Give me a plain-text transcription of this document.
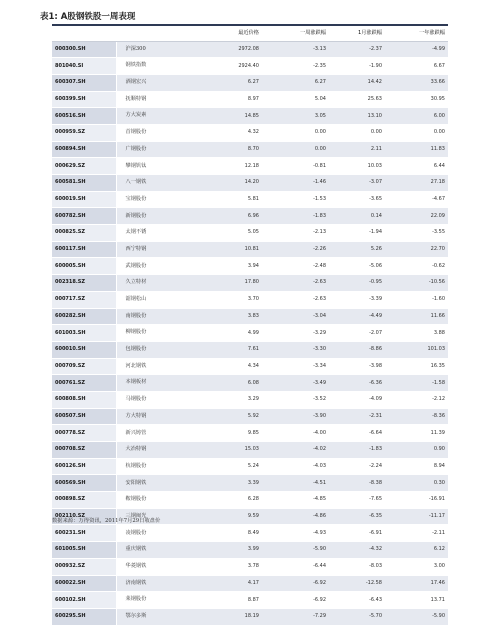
表1: A股钢铁股一周表现
		最近价格	一周涨跌幅	1月涨跌幅	一年涨跌幅
000300.SH	沪深300	2972.08	-3.13	-2.37	-4.99
801040.SI	钢铁指数	2924.40	-2.35	-1.90	6.67
600307.SH	酒钢宏兴	6.27	6.27	14.42	33.66
600399.SH	抚顺特钢	8.97	5.04	25.63	30.95
600516.SH	方大炭素	14.85	3.05	13.10	6.00
000959.SZ	首钢股份	4.32	0.00	0.00	0.00
600894.SH	广钢股份	8.70	0.00	2.11	11.83
000629.SZ	攀钢钒钛	12.18	-0.81	10.03	6.44
600581.SH	八一钢铁	14.20	-1.46	-3.07	27.18
600019.SH	宝钢股份	5.81	-1.53	-3.65	-4.67
600782.SH	新钢股份	6.96	-1.83	0.14	22.09
000825.SZ	太钢不锈	5.05	-2.13	-1.94	-3.55
600117.SH	西宁特钢	10.81	-2.26	5.26	22.70
600005.SH	武钢股份	3.94	-2.48	-5.06	-0.62
002318.SZ	久立特材	17.80	-2.63	-0.95	-10.56
000717.SZ	韶钢松山	3.70	-2.63	-3.39	-1.60
600282.SH	南钢股份	3.83	-3.04	-4.49	11.66
601003.SH	柳钢股份	4.99	-3.29	-2.07	3.88
600010.SH	包钢股份	7.61	-3.30	-8.86	101.03
000709.SZ	河北钢铁	4.34	-3.34	-3.98	16.35
000761.SZ	本钢板材	6.08	-3.49	-6.36	-1.58
600808.SH	马钢股份	3.29	-3.52	-4.09	-2.12
600507.SH	方大特钢	5.92	-3.90	-2.31	-8.36
000778.SZ	新兴铸管	9.85	-4.00	-6.64	11.39
000708.SZ	大冶特钢	15.03	-4.02	-1.83	0.90
600126.SH	杭钢股份	5.24	-4.03	-2.24	8.94
600569.SH	安阳钢铁	3.39	-4.51	-8.38	0.30
000898.SZ	鞍钢股份	6.28	-4.85	-7.65	-16.91
002110.SZ	三钢闽光	9.59	-4.86	-6.35	-11.17
600231.SH	凌钢股份	8.49	-4.93	-6.91	-2.11
601005.SH	重庆钢铁	3.99	-5.90	-4.32	6.12
000932.SZ	华菱钢铁	3.78	-6.44	-8.03	3.00
600022.SH	济南钢铁	4.17	-6.92	-12.58	17.46
600102.SH	莱钢股份	8.87	-6.92	-6.43	13.71
600295.SH	鄂尔多斯	18.19	-7.29	-5.70	-5.90
数据来源：万得资讯，2011年7月29日收盘价
